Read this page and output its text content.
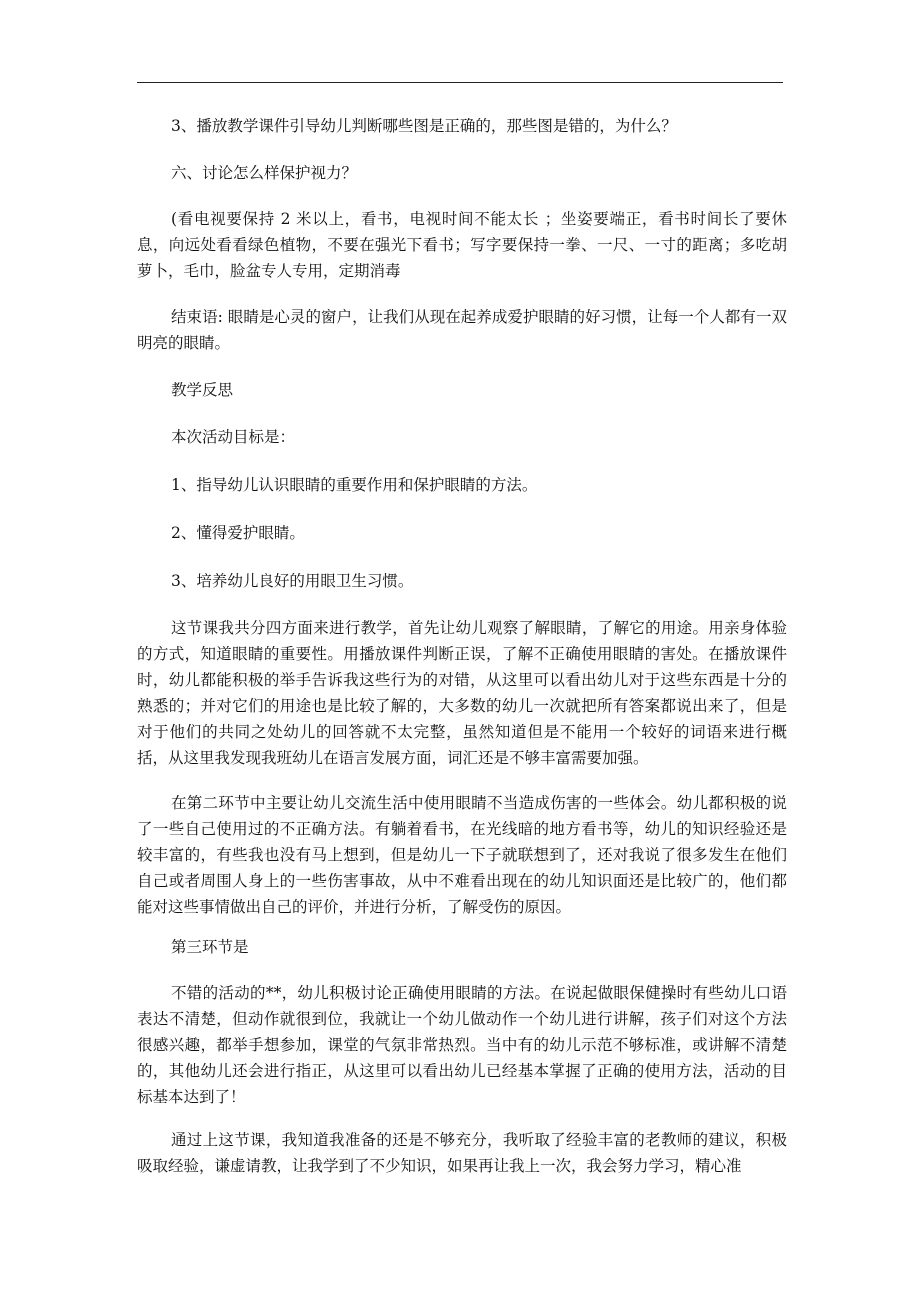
3、播放教学课件引导幼儿判断哪些图是正确的，那些图是错的，为什么？

六、讨论怎么样保护视力？

(看电视要保持 2 米以上，看书，电视时间不能太长 ；坐姿要端正，看书时间长了要休息，向远处看看绿色植物，不要在强光下看书；写字要保持一拳、一尺、一寸的距离；多吃胡萝卜，毛巾，脸盆专人专用，定期消毒

结束语: 眼睛是心灵的窗户，让我们从现在起养成爱护眼睛的好习惯，让每一个人都有一双明亮的眼睛。

教学反思

本次活动目标是：

1、指导幼儿认识眼睛的重要作用和保护眼睛的方法。

2、懂得爱护眼睛。

3、培养幼儿良好的用眼卫生习惯。

这节课我共分四方面来进行教学，首先让幼儿观察了解眼睛，了解它的用途。用亲身体验的方式，知道眼睛的重要性。用播放课件判断正误，了解不正确使用眼睛的害处。在播放课件时，幼儿都能积极的举手告诉我这些行为的对错，从这里可以看出幼儿对于这些东西是十分的熟悉的；并对它们的用途也是比较了解的，大多数的幼儿一次就把所有答案都说出来了，但是对于他们的共同之处幼儿的回答就不太完整，虽然知道但是不能用一个较好的词语来进行概括，从这里我发现我班幼儿在语言发展方面，词汇还是不够丰富需要加强。

在第二环节中主要让幼儿交流生活中使用眼睛不当造成伤害的一些体会。幼儿都积极的说了一些自己使用过的不正确方法。有躺着看书，在光线暗的地方看书等，幼儿的知识经验还是较丰富的，有些我也没有马上想到，但是幼儿一下子就联想到了，还对我说了很多发生在他们自己或者周围人身上的一些伤害事故，从中不难看出现在的幼儿知识面还是比较广的，他们都能对这些事情做出自己的评价，并进行分析，了解受伤的原因。

第三环节是

不错的活动的**，幼儿积极讨论正确使用眼睛的方法。在说起做眼保健操时有些幼儿口语表达不清楚，但动作就很到位，我就让一个幼儿做动作一个幼儿进行讲解，孩子们对这个方法很感兴趣，都举手想参加，课堂的气氛非常热烈。当中有的幼儿示范不够标准，或讲解不清楚的，其他幼儿还会进行指正，从这里可以看出幼儿已经基本掌握了正确的使用方法，活动的目标基本达到了！

通过上这节课，我知道我准备的还是不够充分，我听取了经验丰富的老教师的建议，积极吸取经验，谦虚请教，让我学到了不少知识，如果再让我上一次，我会努力学习，精心准
